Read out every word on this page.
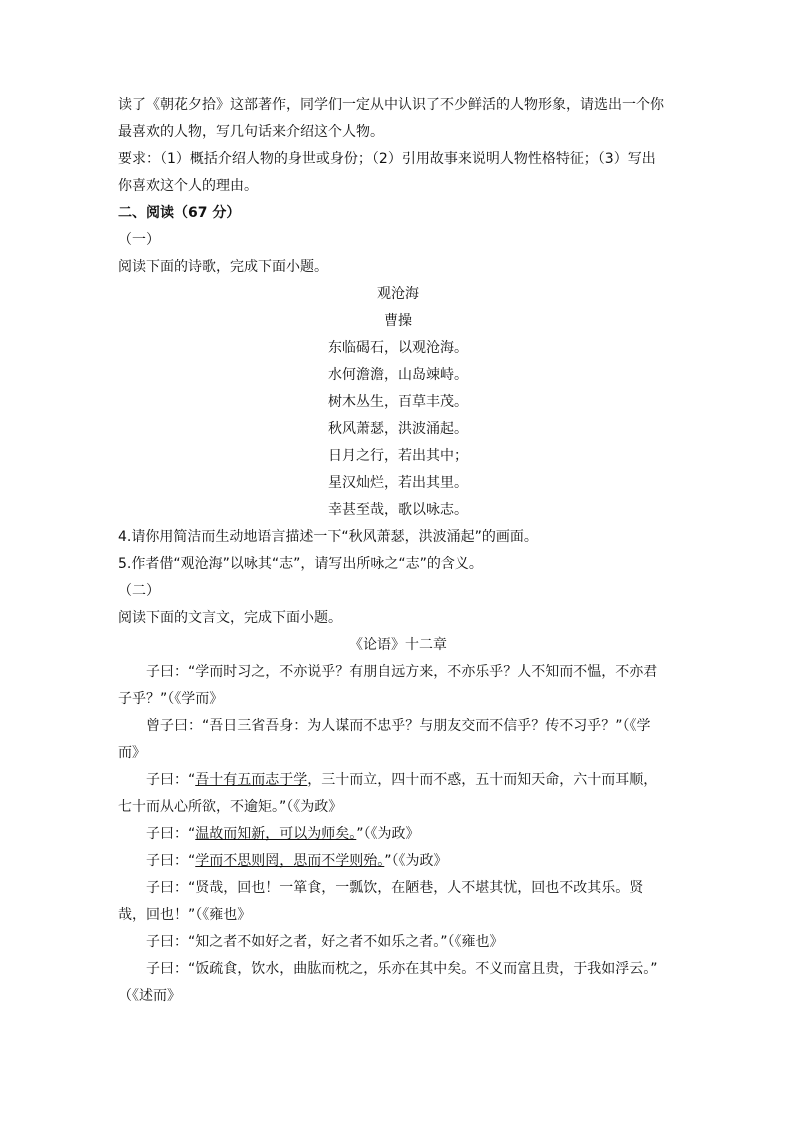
读了《朝花夕拾》这部著作，同学们一定从中认识了不少鲜活的人物形象，请选出一个你
最喜欢的人物，写几句话来介绍这个人物。
要求：（1）概括介绍人物的身世或身份；（2）引用故事来说明人物性格特征；（3）写出
你喜欢这个人的理由。
二、阅读（67 分）
（一）
阅读下面的诗歌，完成下面小题。
观沧海
曹操
东临碣石，以观沧海。
水何澹澹，山岛竦峙。
树木丛生，百草丰茂。
秋风萧瑟，洪波涌起。
日月之行，若出其中；
星汉灿烂，若出其里。
幸甚至哉，歌以咏志。
4.请你用简洁而生动地语言描述一下“秋风萧瑟，洪波涌起”的画面。
5.作者借“观沧海”以咏其“志”，请写出所咏之“志”的含义。
（二）
阅读下面的文言文，完成下面小题。
《论语》十二章
子曰：“学而时习之，不亦说乎？有朋自远方来，不亦乐乎？人不知而不愠，不亦君
子乎？”（《学而》
曾子曰：“吾日三省吾身：为人谋而不忠乎？与朋友交而不信乎？传不习乎？”（《学
而》
子曰：“吾十有五而志于学，三十而立，四十而不惑，五十而知天命，六十而耳顺，
七十而从心所欲，不逾矩。”（《为政》
子曰：“温故而知新，可以为师矣。”（《为政》
子曰：“学而不思则罔，思而不学则殆。”（《为政》
子曰：“贤哉，回也！一箪食，一瓢饮，在陋巷，人不堪其忧，回也不改其乐。贤
哉，回也！”（《雍也》
子曰：“知之者不如好之者，好之者不如乐之者。”（《雍也》
子曰：“饭疏食，饮水，曲肱而枕之，乐亦在其中矣。不义而富且贵，于我如浮云。”
（《述而》
